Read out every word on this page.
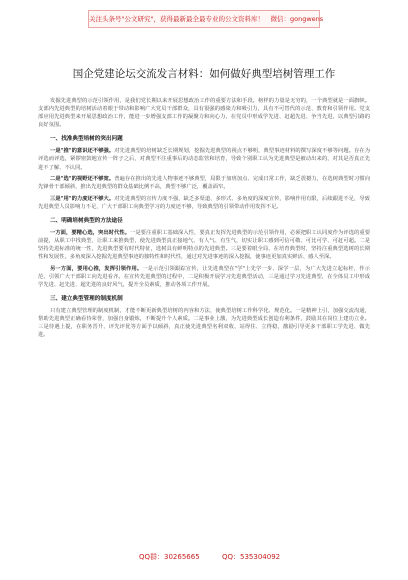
关注头条号"公文研究"，获得最新最全最专业的公文资料库！　微信：gongwens
国企党建论坛交流发言材料：如何做好典型培树管理工作
发掘先进典型的示范引领作用，是我们党长期以来开展思想政治工作的重要方法和手段。榜样的力量是无穷的，一个典型就是一面旗帜。支部内先进典型的培树活动着眼于带动和影响广大党员干部群众，具有很强的感染力和吸引力，具有不可替代的示范、教育和引领作用。党支部应用先进典型来开展思想政治工作，能进一步增强支部工作的凝聚力和向心力，在党员中形成学先进、赶超先进、争当先进，以典型引路的良好氛围。
一、找准典型培树的突出问题
一是"推"的意识还不够强。对先进典型的培树缺乏长期规划，挖掘先进典型的视点不够明，典型事迹材料的撰写深度不够等问题。存在为评选而评选，紧锣密鼓地宣传一阵子之后，对典型不注重事后的动态监管和培育，导致个别职工认为先进典型是被动出来的，对其是否真正先进不了解、不认同。
二是"选"的视野还不够宽。普遍存在推出的先进人物事迹不够典型，局限于加班加点、完成日常工作，缺乏震撼力，在选树典型时习惯向先锋骨干部倾斜，推出先进典型的群众基础比例不高，典型不够广泛，覆盖面窄。
三是"用"的力度还不够大。对先进典型的宣传力度不强，缺乏多渠道、多形式、多角度的深度宣传，影响作用有限，后续跟进不足，导致先进典型人员影响力不足，广大干部职工向典型学习的力度还不够，导致典型的引领带动作用发挥不足。
二、明确培树典型的方法途径
一方面，要精心选，突出时代性。一是要注重职工基础深入性，要真正发挥先进典型的示范引领作用，必须把职工认同度作为评选的重要前提，从职工中找典型，让职工来推典型，使先进典型真正接地气、有人气、有生气，切实让职工感到可信可敬、可比可学、可赶可超。二是坚持先进标准的统一性，先进典型要有时代特征，选树具有鲜明特点的先进典型。三是要着眼全局，在培育典型时，坚持注重典型选树的长期性和发展性，多角度深入挖掘先进典型事迹的独特性和时代性，通过对先进事迹的深入挖掘，使事迹更加真实鲜活、感人至深。
另一方面，要用心推，发挥引领作用。一是示范引领跟踪宣传，让先进典型在"学"上先学一步、深学一层，为广大先进立起标杆，作示范，引领广大干部职工向先进看齐。在宣传先进典型的过程中，二是积极开展学习先进典型活动，三是通过学习先进典型，在全体员工中形成学先进、赶先进、超先进的良好风气，提升全员素质，推动各项工作开展。
三、建立典型管理的制度机制
只有建立典型管理的制度机制，才能不断更新典型培树的内容和方法，使典型培树工作科学化、规范化。一是精神上引，加强交流沟通，帮助先进典型正确看待荣誉，加强自身锻炼，不断提升个人素质。二是事业上激，为先进典型成长创造有利条件，鼓励其在岗位上建功立业。三是待遇上提，在职务晋升、评先评优等方面予以倾斜，真正使先进典型名利双收、站得住、立得稳，激励引导更多干部职工学先进、做先进。
QQ群：30265665	QQ：535304092
